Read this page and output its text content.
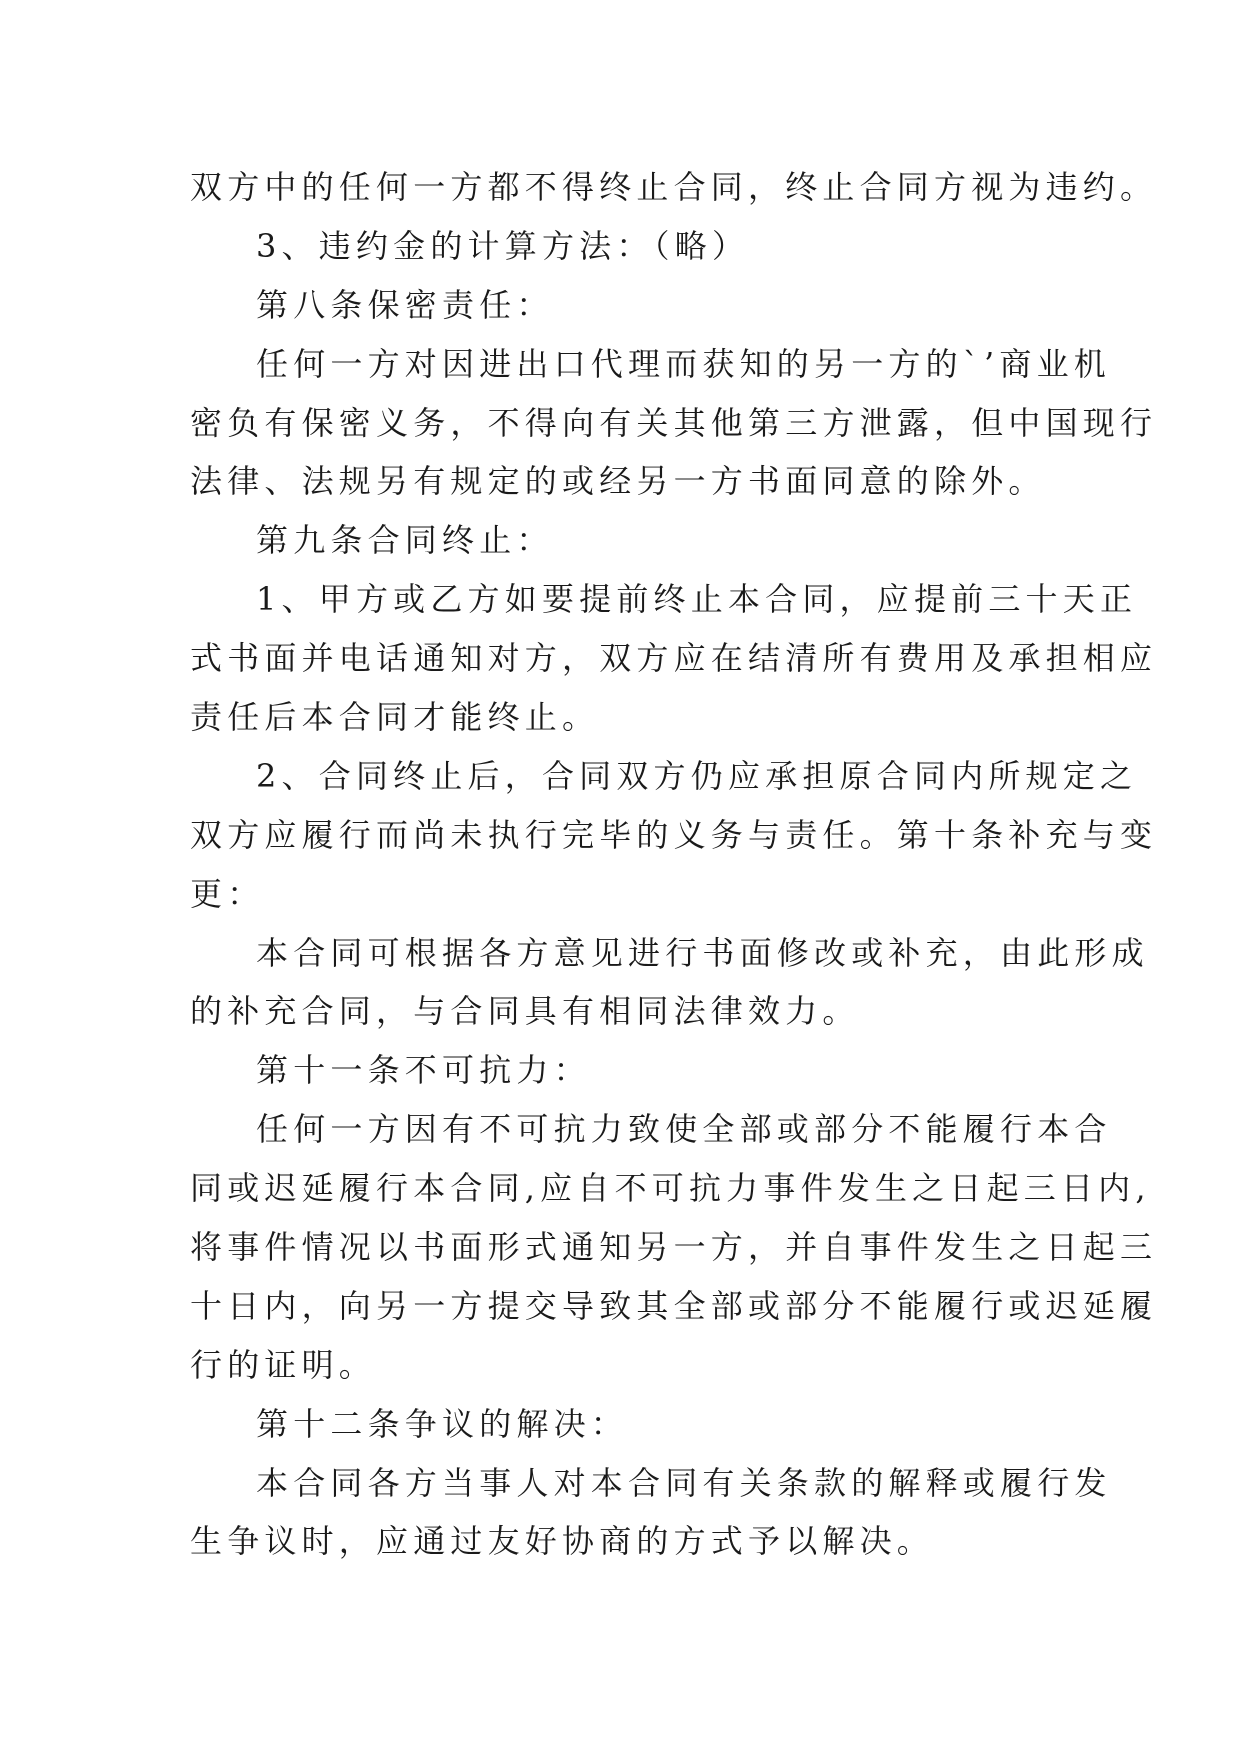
双方中的任何一方都不得终止合同，终止合同方视为违约。
3、违约金的计算方法：（略）
第八条保密责任：
任何一方对因进出口代理而获知的另一方的`’商业机
密负有保密义务，不得向有关其他第三方泄露，但中国现行
法律、法规另有规定的或经另一方书面同意的除外。
第九条合同终止：
1、甲方或乙方如要提前终止本合同，应提前三十天正
式书面并电话通知对方，双方应在结清所有费用及承担相应
责任后本合同才能终止。
2、合同终止后，合同双方仍应承担原合同内所规定之
双方应履行而尚未执行完毕的义务与责任。第十条补充与变
更：
本合同可根据各方意见进行书面修改或补充，由此形成
的补充合同，与合同具有相同法律效力。
第十一条不可抗力：
任何一方因有不可抗力致使全部或部分不能履行本合
同或迟延履行本合同,应自不可抗力事件发生之日起三日内,
将事件情况以书面形式通知另一方，并自事件发生之日起三
十日内，向另一方提交导致其全部或部分不能履行或迟延履
行的证明。
第十二条争议的解决：
本合同各方当事人对本合同有关条款的解释或履行发
生争议时，应通过友好协商的方式予以解决。
